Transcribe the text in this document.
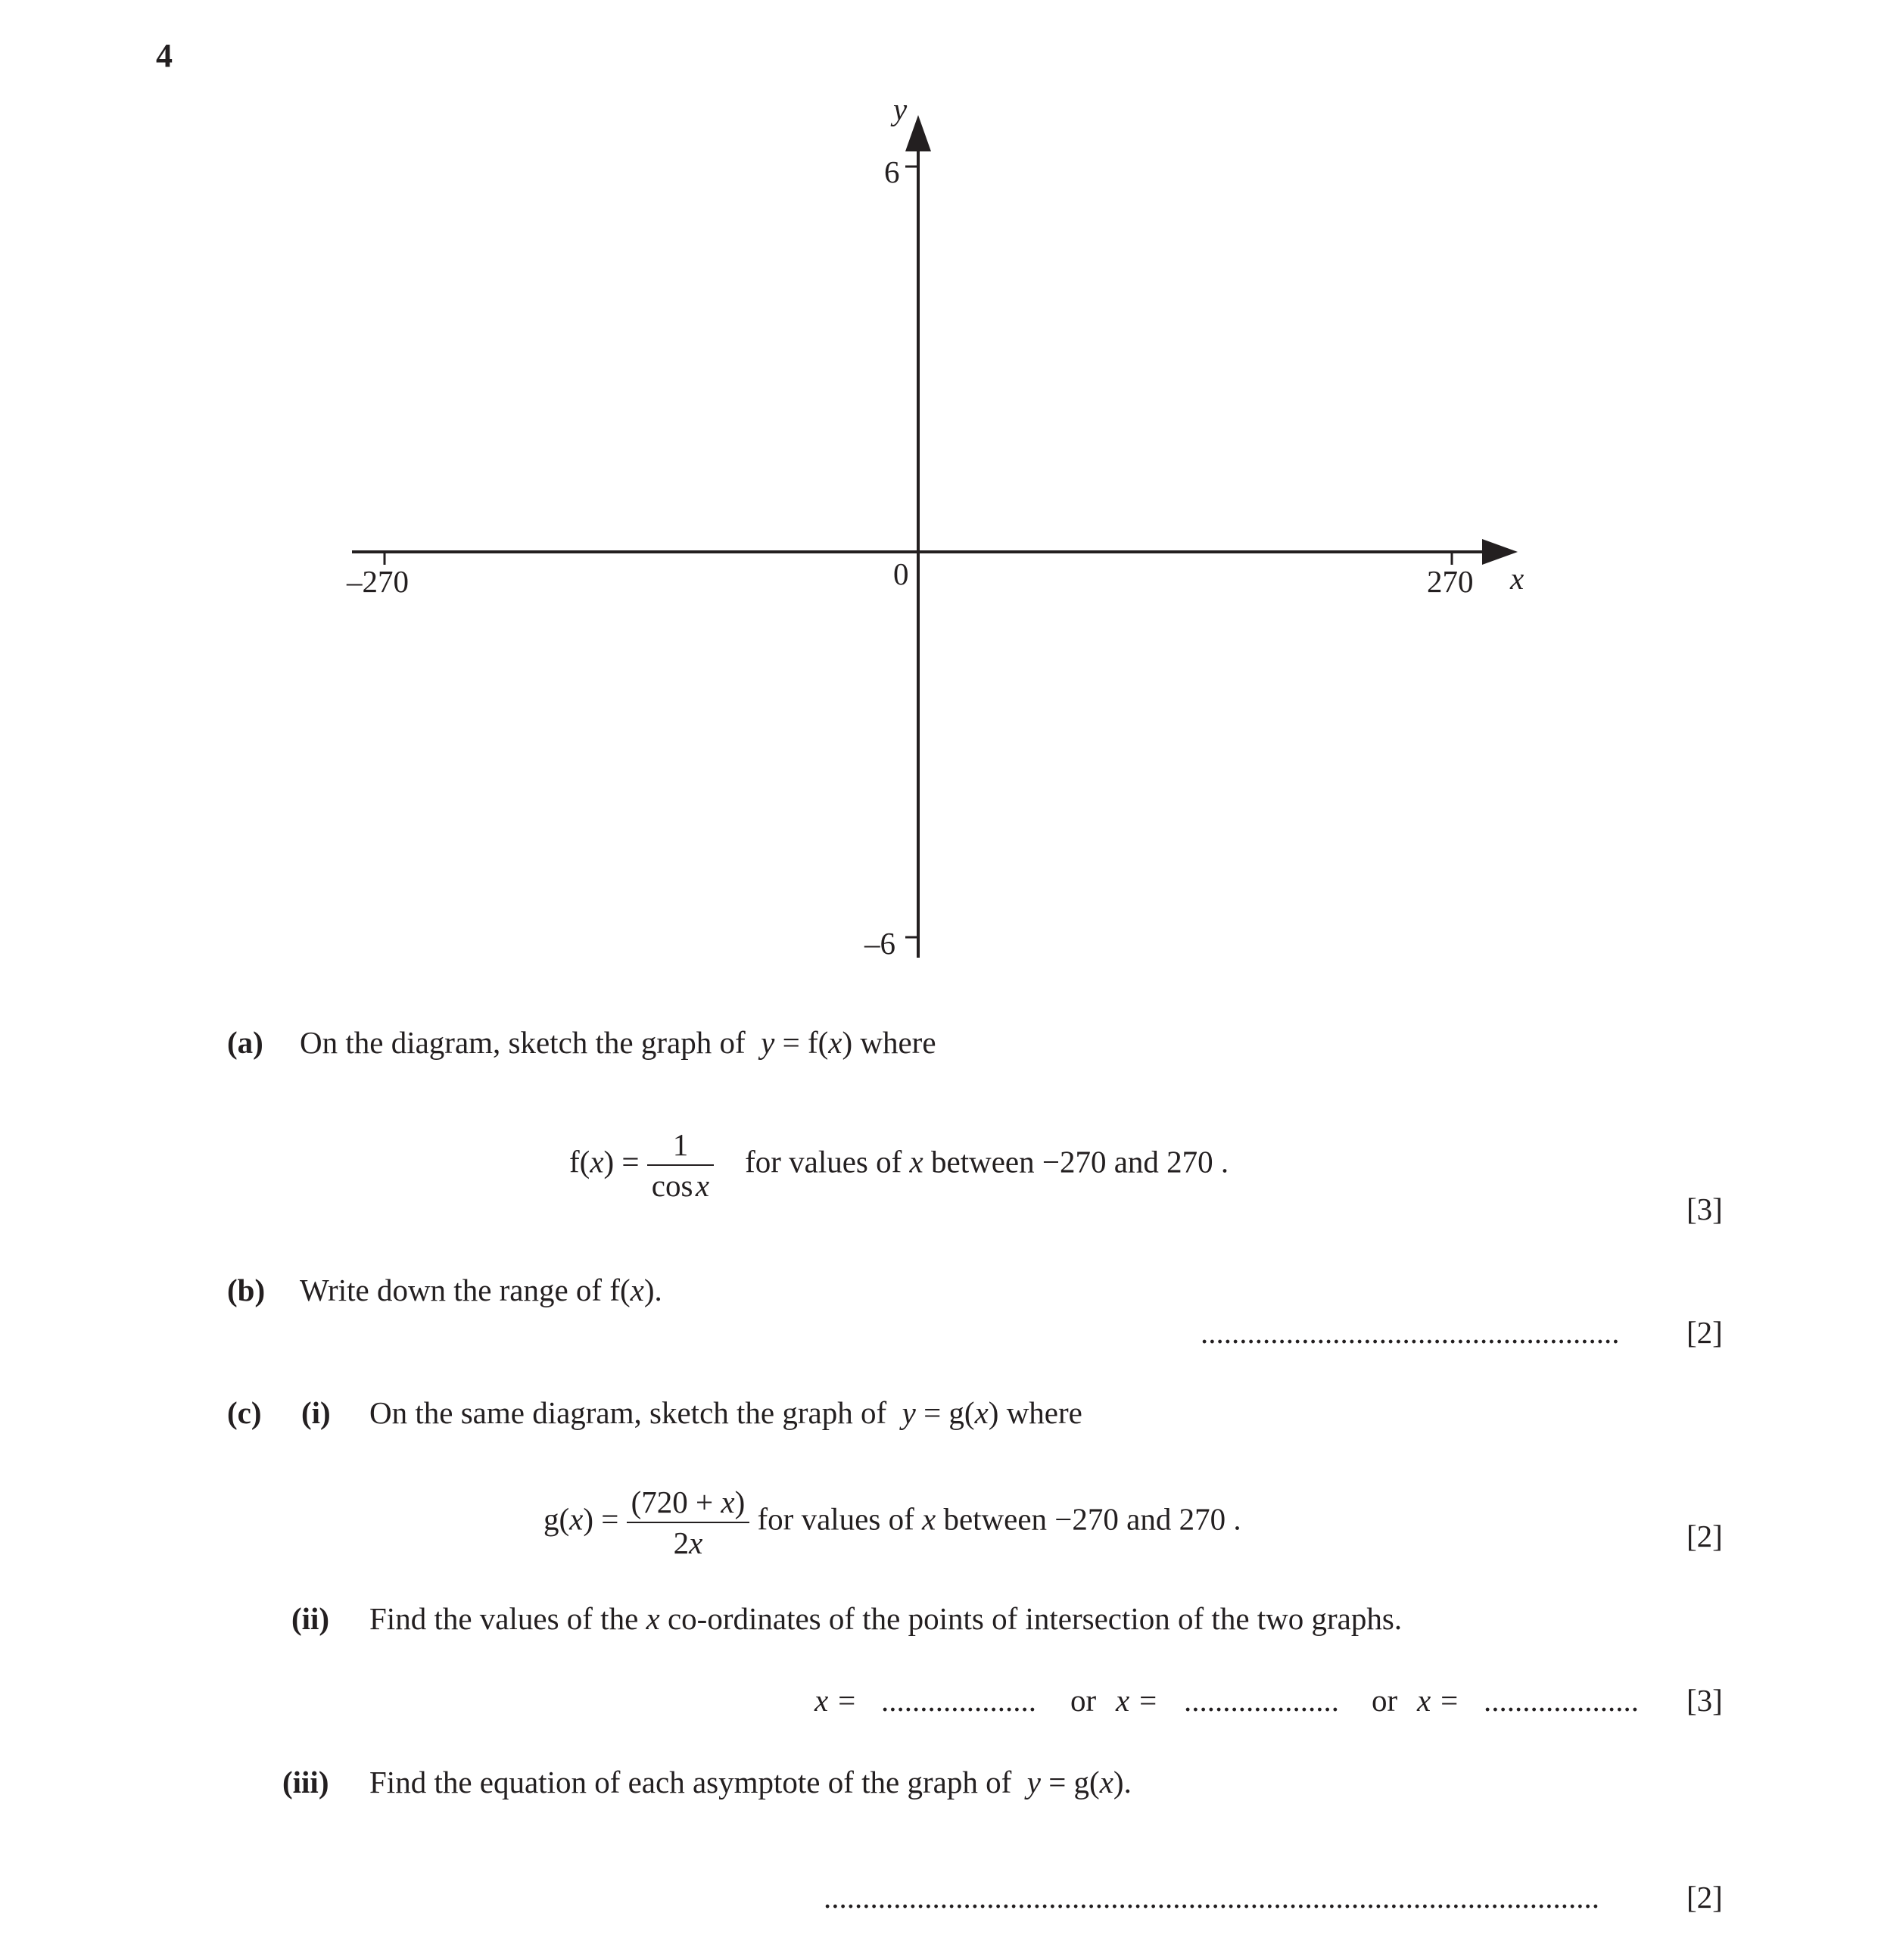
4
y
x
6
–6
–270	270
0
(a) On the diagram, sketch the graph of y = f(x) where
$f(x) = \frac{1}{\text{cos x}}$ for values of x between −270 and 270 .
[3]
(b) Write down the range of f(x).
......................................................	[2]
(c) (i) On the same diagram, sketch the graph of y = g(x) where
$g(x) = \frac{(720 + x)}{2x}$ for values of x between −270 and 270 .	[2]
(ii) Find the values of the x co-ordinates of the points of intersection of the two graphs.
x = .................... or x = .................... or x = .................... [3]
(iii) Find the equation of each asymptote of the graph of y = g(x).
....................................................................................................	[2]
